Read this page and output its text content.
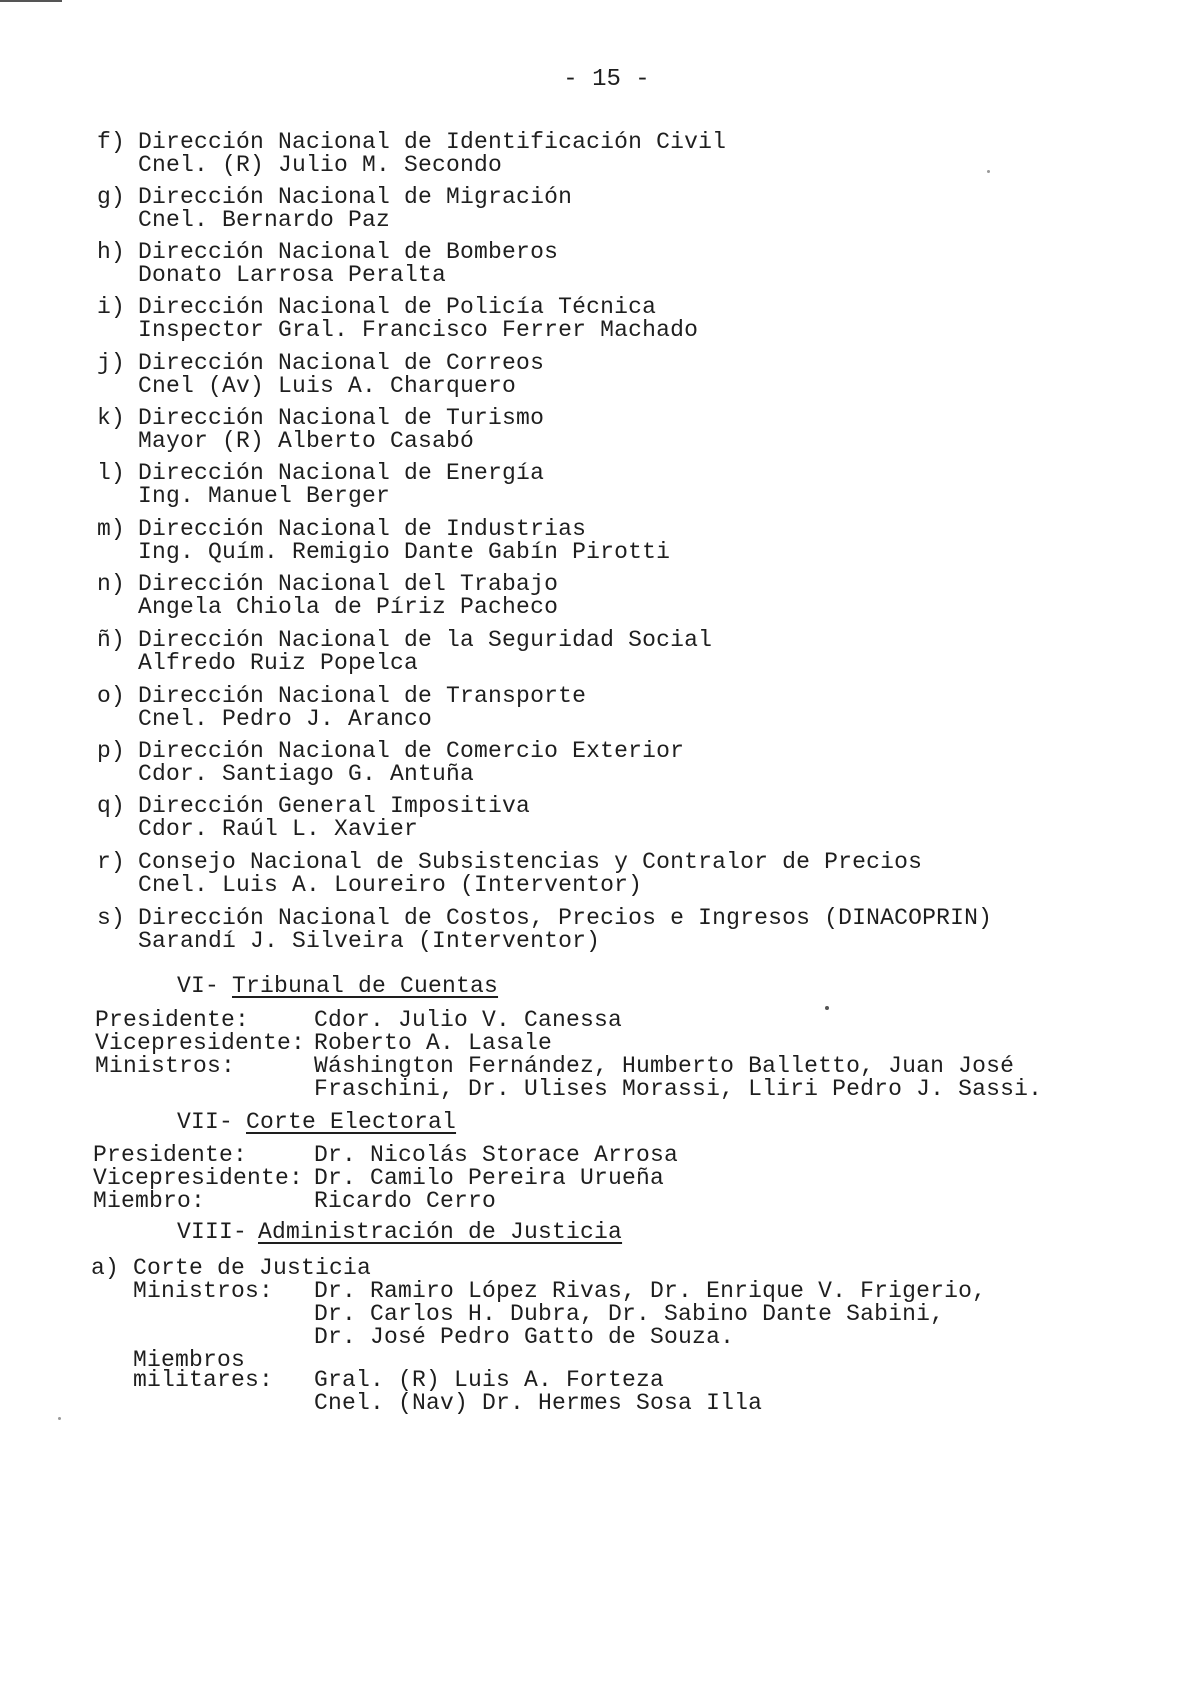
- 15 -
f) Dirección Nacional de Identificación Civil
Cnel. (R) Julio M. Secondo
g) Dirección Nacional de Migración
Cnel. Bernardo Paz
h) Dirección Nacional de Bomberos
Donato Larrosa Peralta
i) Dirección Nacional de Policía Técnica
Inspector Gral. Francisco Ferrer Machado
j) Dirección Nacional de Correos
Cnel (Av) Luis A. Charquero
k) Dirección Nacional de Turismo
Mayor (R) Alberto Casabó
l) Dirección Nacional de Energía
Ing. Manuel Berger
m) Dirección Nacional de Industrias
Ing. Quím. Remigio Dante Gabín Pirotti
n) Dirección Nacional del Trabajo
Angela Chiola de Píriz Pacheco
ñ) Dirección Nacional de la Seguridad Social
Alfredo Ruiz Popelca
o) Dirección Nacional de Transporte
Cnel. Pedro J. Aranco
p) Dirección Nacional de Comercio Exterior
Cdor. Santiago G. Antuña
q) Dirección General Impositiva
Cdor. Raúl L. Xavier
r) Consejo Nacional de Subsistencias y Contralor de Precios
Cnel. Luis A. Loureiro (Interventor)
s) Dirección Nacional de Costos, Precios e Ingresos (DINACOPRIN)
Sarandí J. Silveira (Interventor)
VI- Tribunal de Cuentas
Presidente:	Cdor. Julio V. Canessa
Vicepresidente: Roberto A. Lasale
Ministros:	Wáshington Fernández, Humberto Balletto, Juan José
Fraschini, Dr. Ulises Morassi, Lliri Pedro J. Sassi.
VII- Corte Electoral
Presidente:	Dr. Nicolás Storace Arrosa
Vicepresidente: Dr. Camilo Pereira Urueña
Miembro:	Ricardo Cerro
VIII- Administración de Justicia
a) Corte de Justicia
Ministros: Dr. Ramiro López Rivas, Dr. Enrique V. Frigerio,
Dr. Carlos H. Dubra, Dr. Sabino Dante Sabini,
Dr. José Pedro Gatto de Souza.
Miembros
militares: Gral. (R) Luis A. Forteza
Cnel. (Nav) Dr. Hermes Sosa Illa
